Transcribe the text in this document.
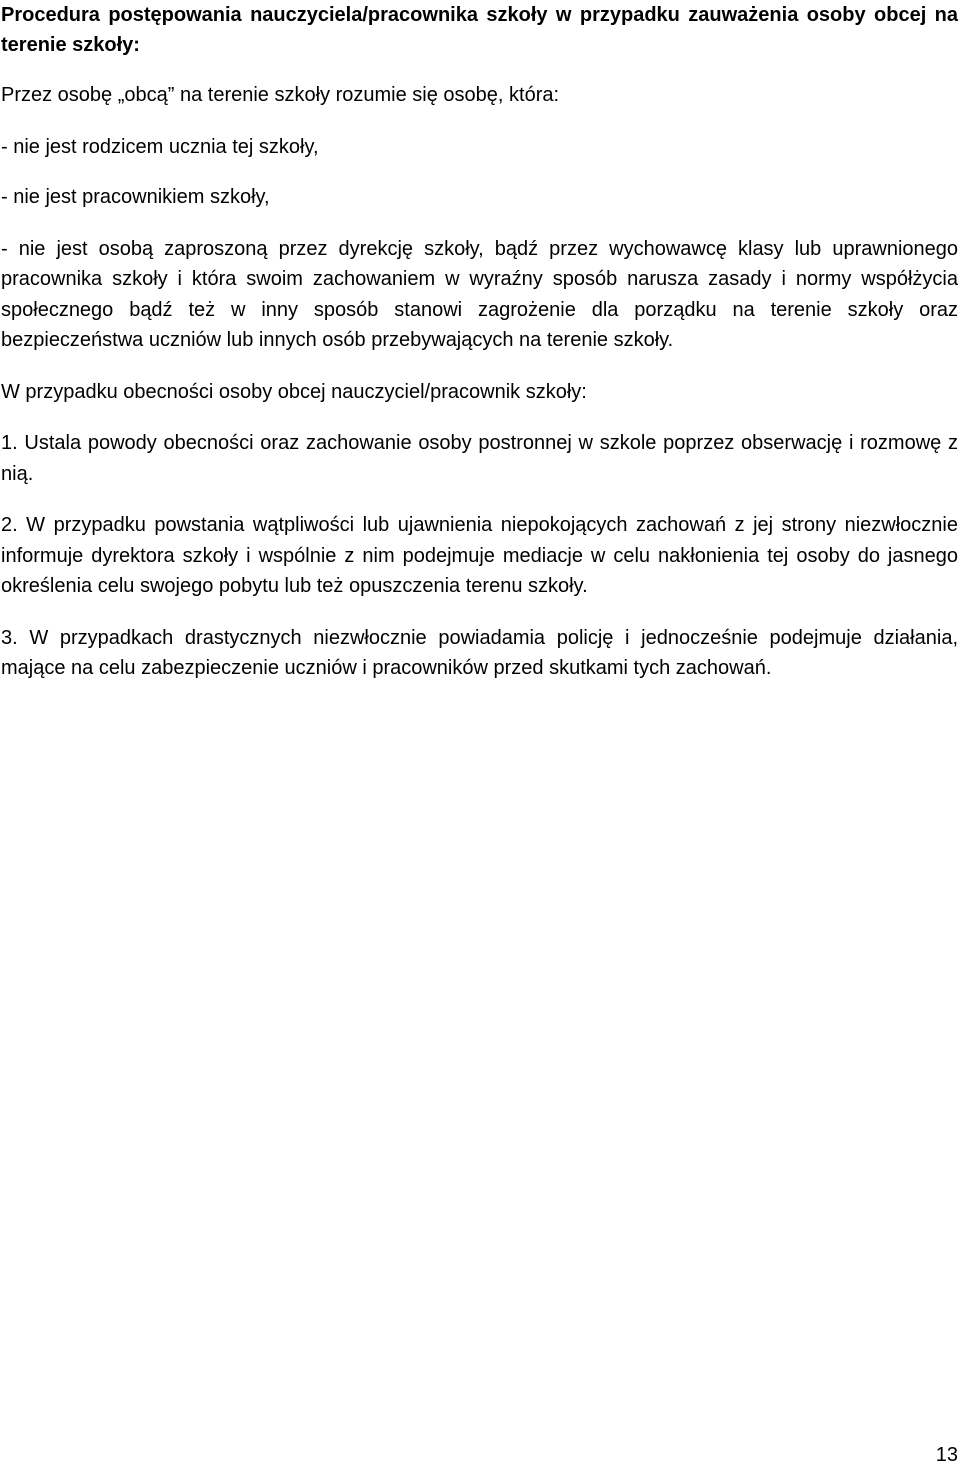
Procedura postępowania nauczyciela/pracownika szkoły w przypadku zauważenia osoby obcej na terenie szkoły:

Przez osobę „obcą” na terenie szkoły rozumie się osobę, która:

- nie jest rodzicem ucznia tej szkoły,

- nie jest pracownikiem szkoły,

- nie jest osobą zaproszoną przez dyrekcję szkoły, bądź przez wychowawcę klasy lub uprawnionego pracownika szkoły i która swoim zachowaniem w wyraźny sposób narusza zasady i normy współżycia społecznego bądź też w inny sposób stanowi zagrożenie dla porządku na terenie szkoły oraz bezpieczeństwa uczniów lub innych osób przebywających na terenie szkoły.

W przypadku obecności osoby obcej nauczyciel/pracownik szkoły:

1. Ustala powody obecności oraz zachowanie osoby postronnej w szkole poprzez obserwację i rozmowę z nią.

2. W przypadku powstania wątpliwości lub ujawnienia niepokojących zachowań z jej strony niezwłocznie informuje dyrektora szkoły i wspólnie z nim podejmuje mediacje w celu nakłonienia tej osoby do jasnego określenia celu swojego pobytu lub też opuszczenia terenu szkoły.

3. W przypadkach drastycznych niezwłocznie powiadamia policję i jednocześnie podejmuje działania, mające na celu zabezpieczenie uczniów i pracowników przed skutkami tych zachowań.

13
